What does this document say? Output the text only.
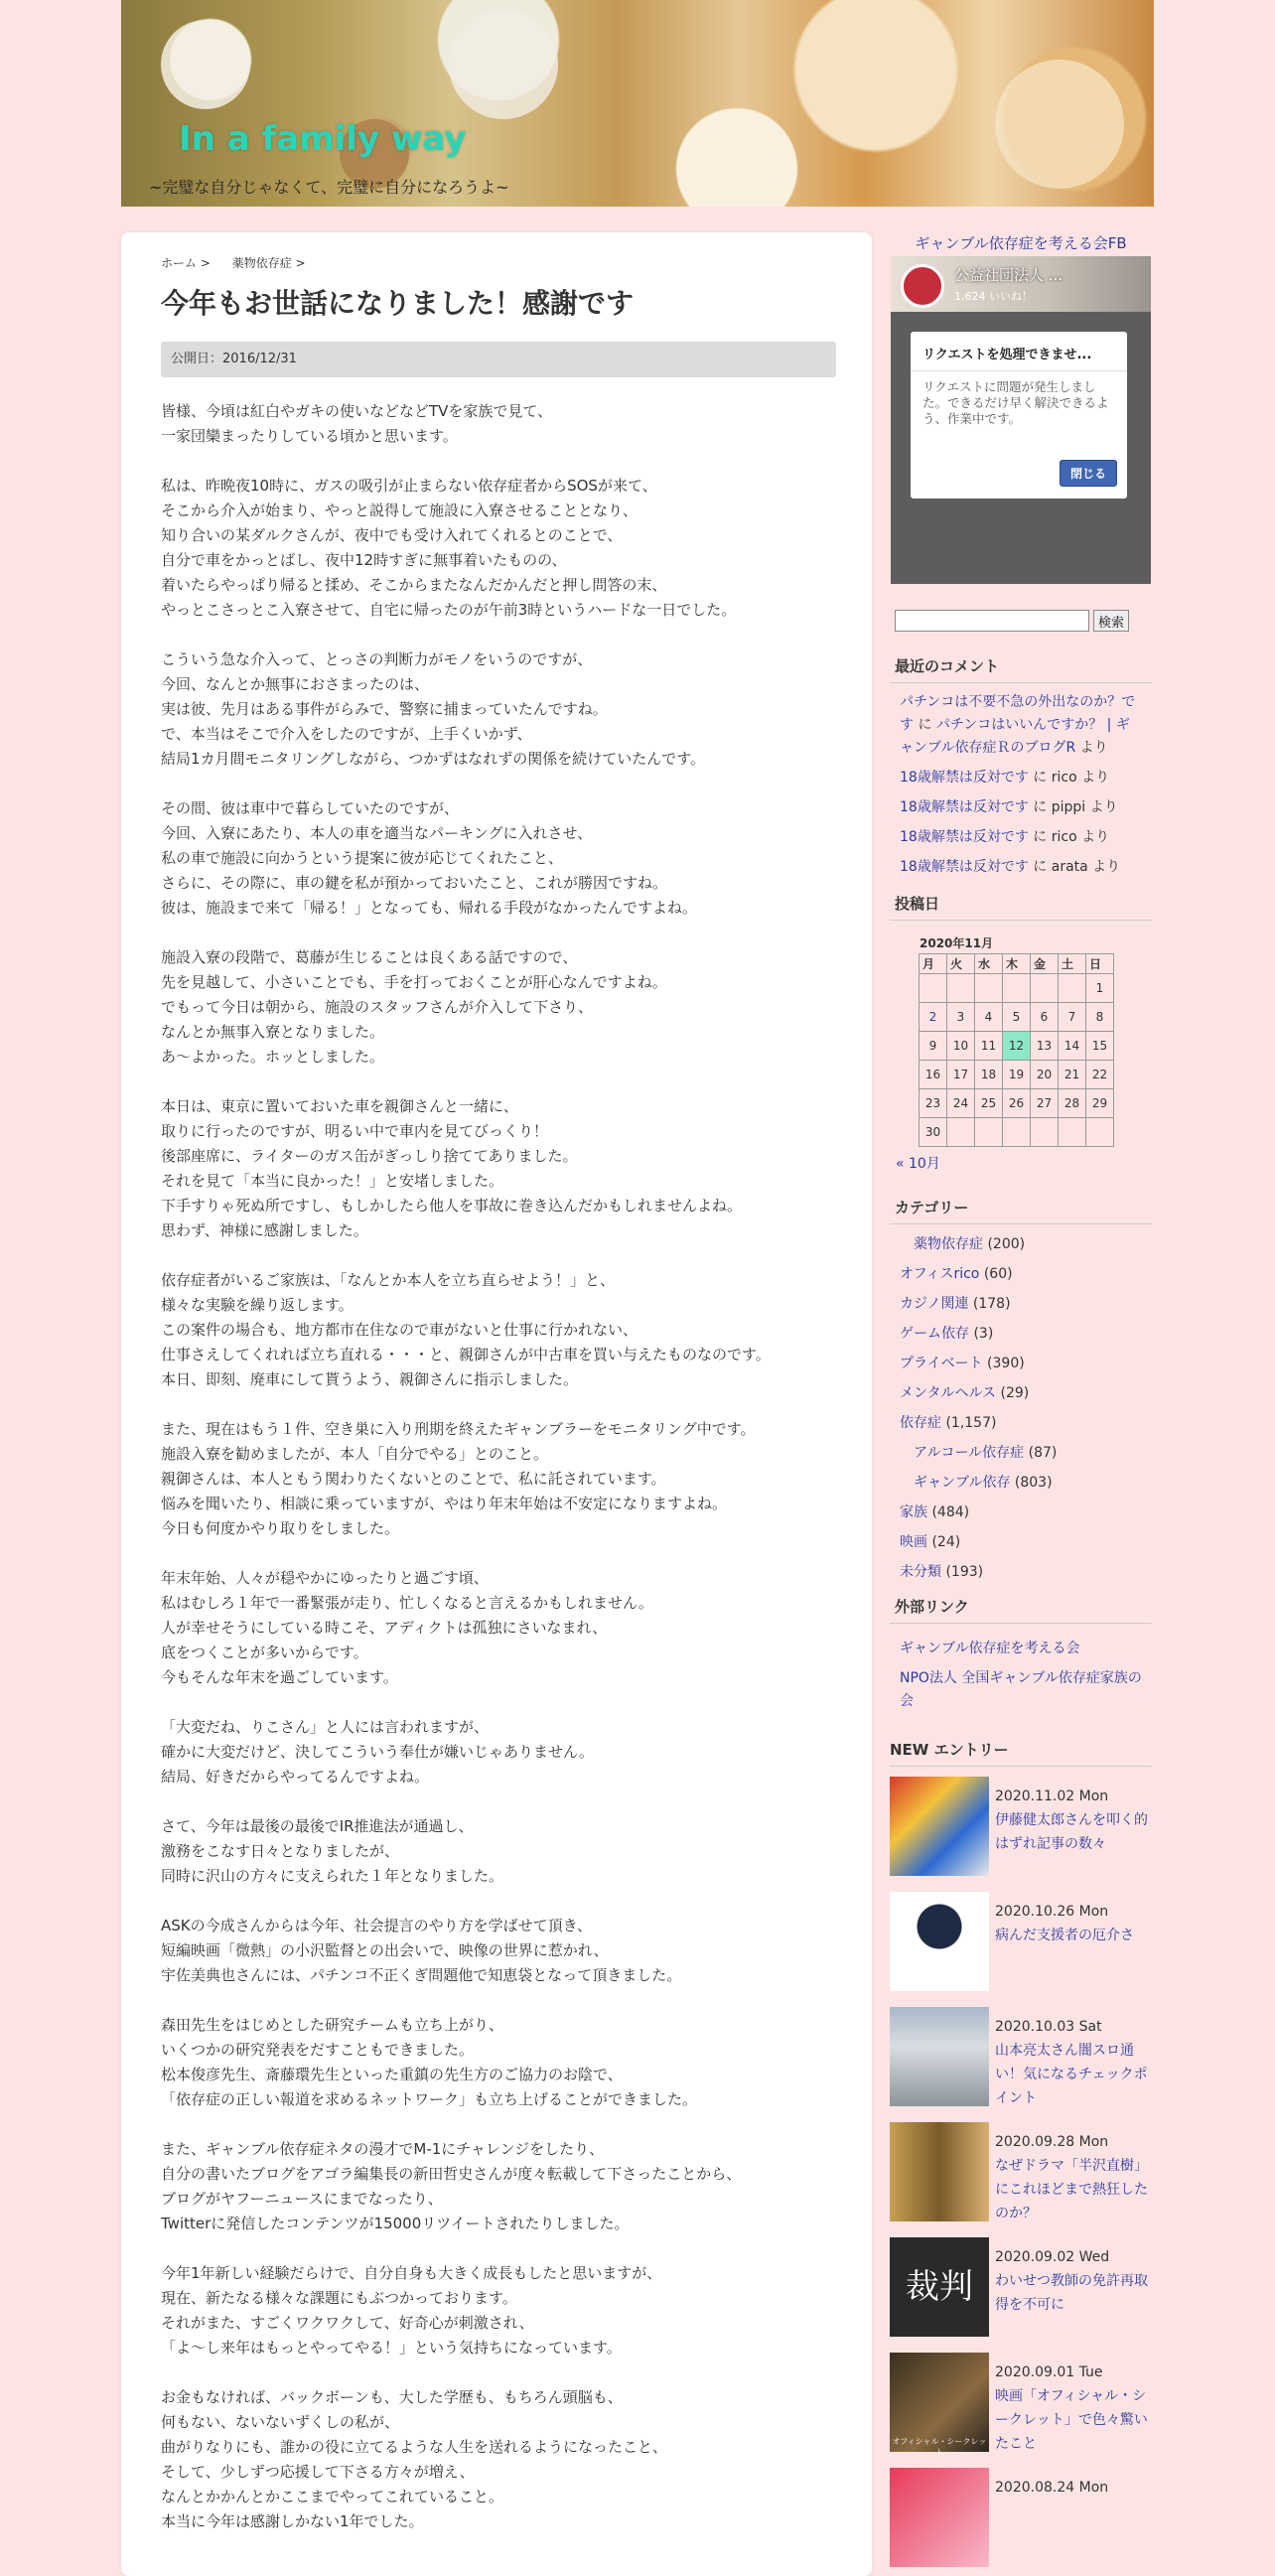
In a family way
~完璧な自分じゃなくて、完璧に自分になろうよ~
ホーム > 薬物依存症 >
今年もお世話になりました！感謝です
公開日：2016/12/31

皆様、今頃は紅白やガキの使いなどなどTVを家族で見て、
一家団欒まったりしている頃かと思います。

私は、昨晩夜10時に、ガスの吸引が止まらない依存症者からSOSが来て、
そこから介入が始まり、やっと説得して施設に入寮させることとなり、
知り合いの某ダルクさんが、夜中でも受け入れてくれるとのことで、
自分で車をかっとばし、夜中12時すぎに無事着いたものの、
着いたらやっぱり帰ると揉め、そこからまたなんだかんだと押し問答の末、
やっとこさっとこ入寮させて、自宅に帰ったのが午前3時というハードな一日でした。

こういう急な介入って、とっさの判断力がモノをいうのですが、
今回、なんとか無事におさまったのは、
実は彼、先月はある事件がらみで、警察に捕まっていたんですね。
で、本当はそこで介入をしたのですが、上手くいかず、
結局1カ月間モニタリングしながら、つかずはなれずの関係を続けていたんです。

その間、彼は車中で暮らしていたのですが、
今回、入寮にあたり、本人の車を適当なパーキングに入れさせ、
私の車で施設に向かうという提案に彼が応じてくれたこと、
さらに、その際に、車の鍵を私が預かっておいたこと、これが勝因ですね。
彼は、施設まで来て「帰る！」となっても、帰れる手段がなかったんですよね。

施設入寮の段階で、葛藤が生じることは良くある話ですので、
先を見越して、小さいことでも、手を打っておくことが肝心なんですよね。
でもって今日は朝から、施設のスタッフさんが介入して下さり、
なんとか無事入寮となりました。
あ～よかった。ホッとしました。

本日は、東京に置いておいた車を親御さんと一緒に、
取りに行ったのですが、明るい中で車内を見てびっくり！
後部座席に、ライターのガス缶がぎっしり捨ててありました。
それを見て「本当に良かった！」と安堵しました。
下手すりゃ死ぬ所ですし、もしかしたら他人を事故に巻き込んだかもしれませんよね。
思わず、神様に感謝しました。

依存症者がいるご家族は、「なんとか本人を立ち直らせよう！」と、
様々な実験を繰り返します。
この案件の場合も、地方都市在住なので車がないと仕事に行かれない、
仕事さえしてくれれば立ち直れる・・・と、親御さんが中古車を買い与えたものなのです。
本日、即刻、廃車にして貰うよう、親御さんに指示しました。

また、現在はもう１件、空き巣に入り刑期を終えたギャンブラーをモニタリング中です。
施設入寮を勧めましたが、本人「自分でやる」とのこと。
親御さんは、本人ともう関わりたくないとのことで、私に託されています。
悩みを聞いたり、相談に乗っていますが、やはり年末年始は不安定になりますよね。
今日も何度かやり取りをしました。

年末年始、人々が穏やかにゆったりと過ごす頃、
私はむしろ１年で一番緊張が走り、忙しくなると言えるかもしれません。
人が幸せそうにしている時こそ、アディクトは孤独にさいなまれ、
底をつくことが多いからです。
今もそんな年末を過ごしています。

「大変だね、りこさん」と人には言われますが、
確かに大変だけど、決してこういう奉仕が嫌いじゃありません。
結局、好きだからやってるんですよね。

さて、今年は最後の最後でIR推進法が通過し、
激務をこなす日々となりましたが、
同時に沢山の方々に支えられた１年となりました。

ASKの今成さんからは今年、社会提言のやり方を学ばせて頂き、
短編映画「微熱」の小沢監督との出会いで、映像の世界に惹かれ、
宇佐美典也さんには、パチンコ不正くぎ問題他で知恵袋となって頂きました。

森田先生をはじめとした研究チームも立ち上がり、
いくつかの研究発表をだすこともできました。
松本俊彦先生、斎藤環先生といった重鎮の先生方のご協力のお陰で、
「依存症の正しい報道を求めるネットワーク」も立ち上げることができました。

また、ギャンブル依存症ネタの漫才でM-1にチャレンジをしたり、
自分の書いたブログをアゴラ編集長の新田哲史さんが度々転載して下さったことから、
ブログがヤフーニュースにまでなったり、
Twitterに発信したコンテンツが15000リツイートされたりしました。

今年1年新しい経験だらけで、自分自身も大きく成長もしたと思いますが、
現在、新たなる様々な課題にもぶつかっております。
それがまた、すごくワクワクして、好奇心が刺激され、
「よ～し来年はもっとやってやる！」という気持ちになっています。

お金もなければ、バックボーンも、大した学歴も、もちろん頭脳も、
何もない、ないないずくしの私が、
曲がりなりにも、誰かの役に立てるような人生を送れるようになったこと、
そして、少しずつ応援して下さる方々が増え、
なんとかかんとかここまでやってこれていること。
本当に今年は感謝しかない1年でした。

ギャンブル依存症を考える会FB
公益社団法人 ...
1,624 いいね！
リクエストを処理できませ...
リクエストに問題が発生しました。できるだけ早く解決できるよう、作業中です。
閉じる
検索
最近のコメント
パチンコは不要不急の外出なのか？です に パチンコはいいんですか？ | ギャンブル依存症ＲのブログR より
18歳解禁は反対です に rico より
18歳解禁は反対です に pippi より
18歳解禁は反対です に rico より
18歳解禁は反対です に arata より
投稿日
2020年11月
月	火	水	木	金	土	日
						1
2	3	4	5	6	7	8
9	10	11	12	13	14	15
16	17	18	19	20	21	22
23	24	25	26	27	28	29
30						
« 10月
カテゴリー
薬物依存症 (200)
オフィスrico (60)
カジノ関連 (178)
ゲーム依存 (3)
プライベート (390)
メンタルヘルス (29)
依存症 (1,157)
アルコール依存症 (87)
ギャンブル依存 (803)
家族 (484)
映画 (24)
未分類 (193)
外部リンク
ギャンブル依存症を考える会
NPO法人 全国ギャンブル依存症家族の会
NEW エントリー
2020.11.02 Mon
伊藤健太郎さんを叩く的はずれ記事の数々
2020.10.26 Mon
病んだ支援者の厄介さ
2020.10.03 Sat
山本亮太さん闇スロ通い！気になるチェックポイント
2020.09.28 Mon
なぜドラマ「半沢直樹」にこれほどまで熱狂したのか？
裁判
2020.09.02 Wed
わいせつ教師の免許再取得を不可に
オフィシャル・シークレット
2020.09.01 Tue
映画「オフィシャル・シークレット」で色々驚いたこと
2020.08.24 Mon
